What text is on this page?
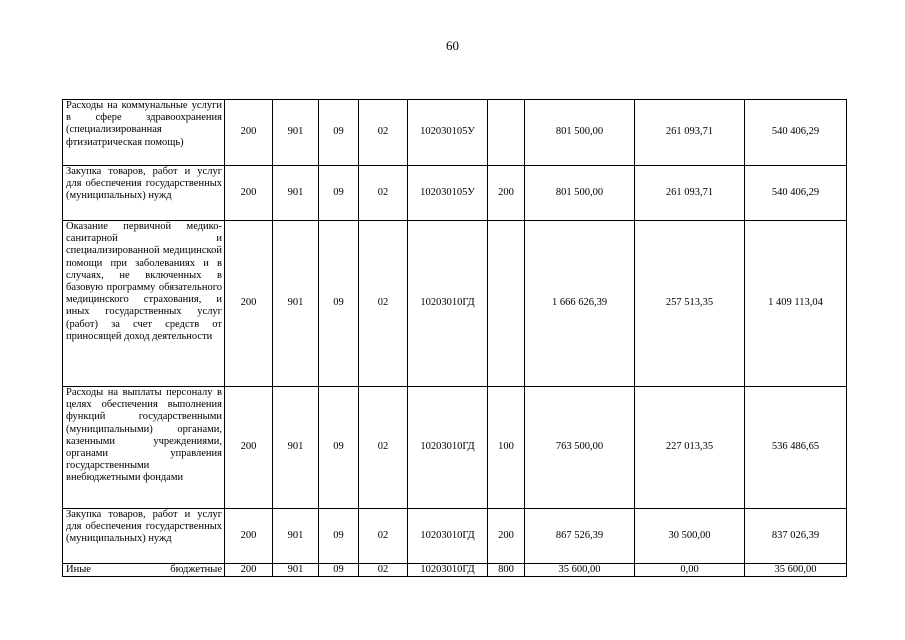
60
Расходы на коммунальные услуги в сфере здравоохранения (специализированная фтизиатрическая помощь)	200	901	09	02	102030105У		801 500,00	261 093,71	540 406,29
Закупка товаров, работ и услуг для обеспечения государственных (муниципальных) нужд	200	901	09	02	102030105У	200	801 500,00	261 093,71	540 406,29
Оказание первичной медико-санитарной и специализированной медицинской помощи при заболеваниях и в случаях, не включенных в базовую программу обязательного медицинского страхования, и иных государственных услуг (работ) за счет средств от приносящей доход деятельности	200	901	09	02	10203010ГД		1 666 626,39	257 513,35	1 409 113,04
Расходы на выплаты персоналу в целях обеспечения выполнения функций государственными (муниципальными) органами, казенными учреждениями, органами управления государственными внебюджетными фондами	200	901	09	02	10203010ГД	100	763 500,00	227 013,35	536 486,65
Закупка товаров, работ и услуг для обеспечения государственных (муниципальных) нужд	200	901	09	02	10203010ГД	200	867 526,39	30 500,00	837 026,39
Иные бюджетные	200	901	09	02	10203010ГД	800	35 600,00	0,00	35 600,00
